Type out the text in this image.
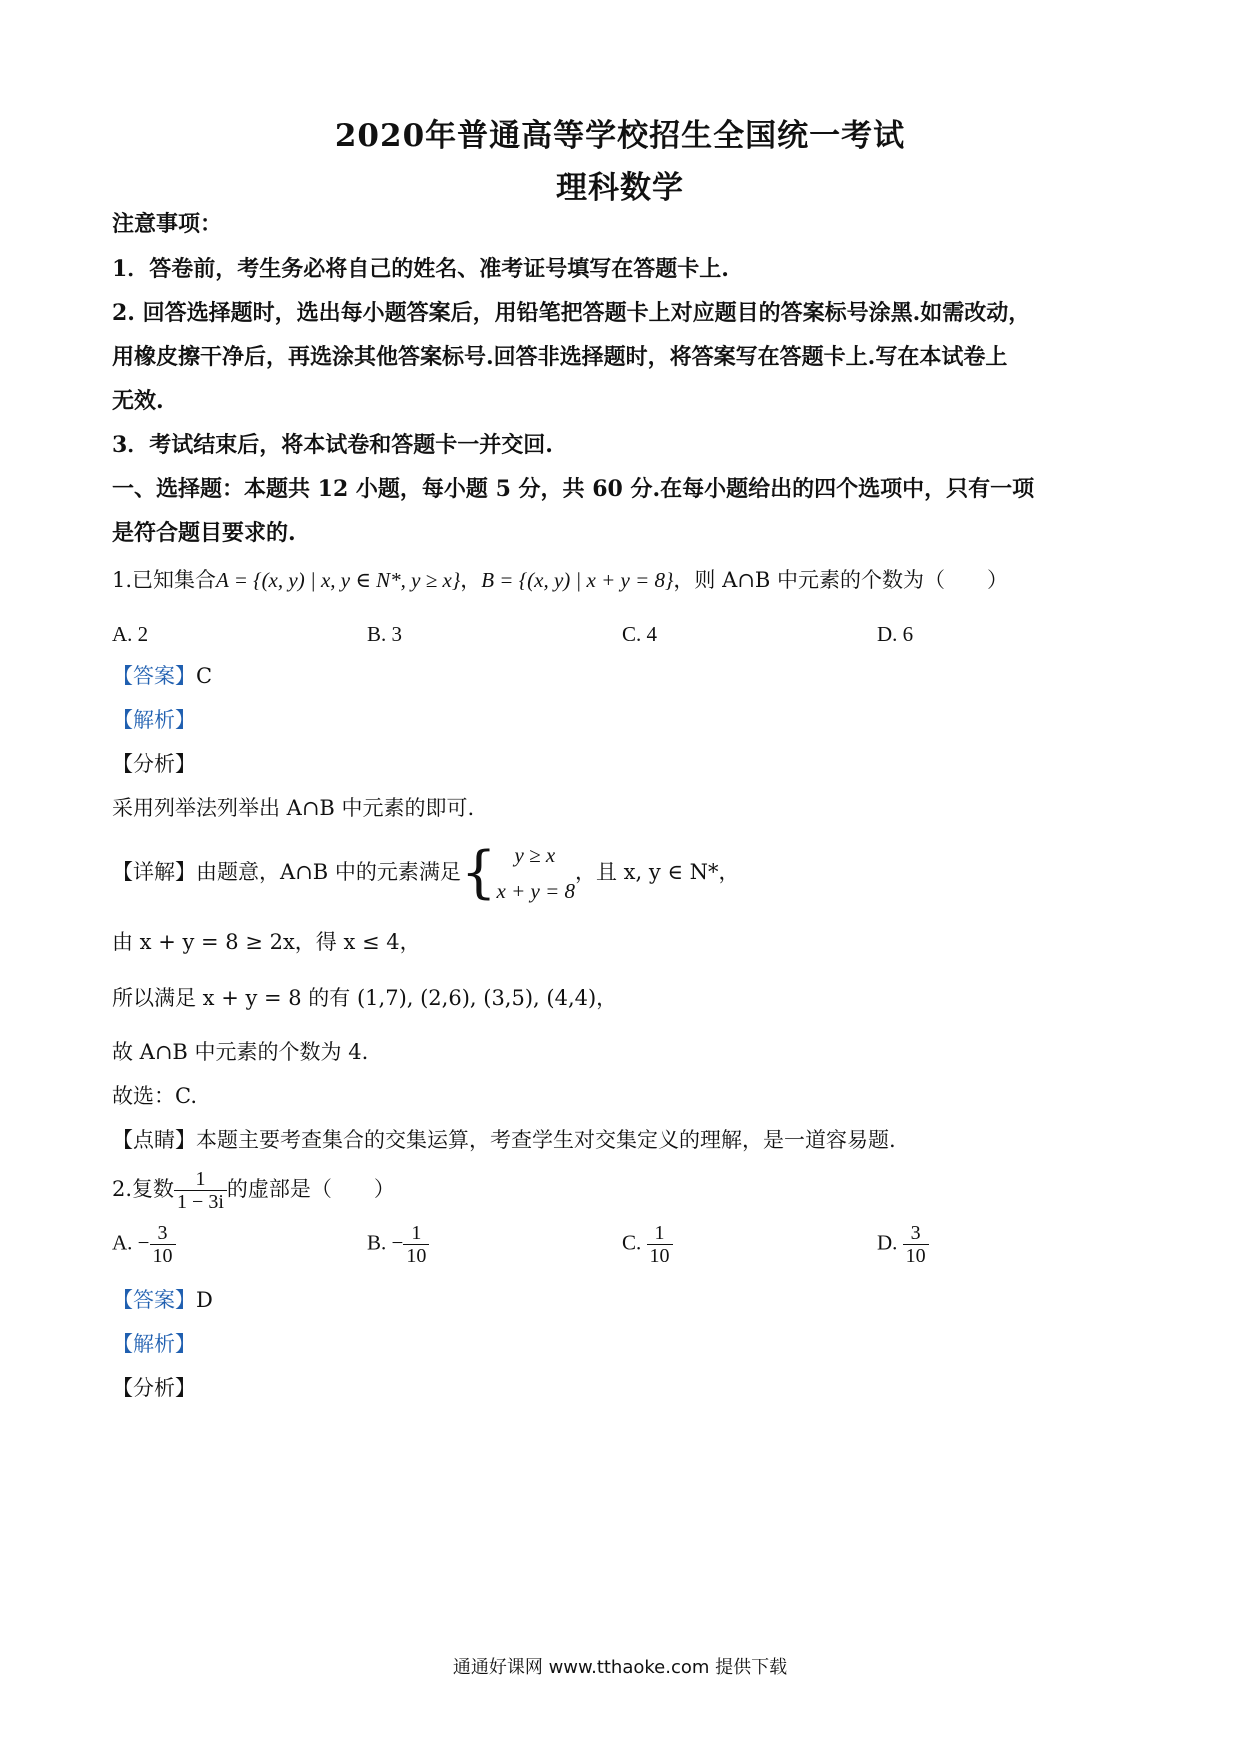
2020年普通高等学校招生全国统一考试
理科数学
注意事项：
1．答卷前，考生务必将自己的姓名、准考证号填写在答题卡上.
2. 回答选择题时，选出每小题答案后，用铅笔把答题卡上对应题目的答案标号涂黑.如需改动，
用橡皮擦干净后，再选涂其他答案标号.回答非选择题时，将答案写在答题卡上.写在本试卷上
无效.
3．考试结束后，将本试卷和答题卡一并交回.
一、选择题：本题共 12 小题，每小题 5 分，共 60 分.在每小题给出的四个选项中，只有一项
是符合题目要求的.
1.已知集合A = {(x, y) | x, y ∈ N*, y ≥ x}，B = {(x, y) | x + y = 8}，则 A∩B 中元素的个数为（　　）
A. 2	B. 3	C. 4	D. 6
【答案】C
【解析】
【分析】
采用列举法列举出 A∩B 中元素的即可.
【详解】由题意，A∩B 中的元素满足{ y ≥ x
x + y = 8
，且 x, y ∈ N*，
由 x + y = 8 ≥ 2x，得 x ≤ 4，
所以满足 x + y = 8 的有 (1,7), (2,6), (3,5), (4,4)，
故 A∩B 中元素的个数为 4.
故选：C.
【点睛】本题主要考查集合的交集运算，考查学生对交集定义的理解，是一道容易题.
2.复数 $\frac{1}{1 - 3i}$ 的虚部是（　　）
A. − $\frac{3}{10}$	B. − $\frac{1}{10}$	C. $\frac{1}{10}$	D. $\frac{3}{10}$
【答案】D
【解析】
【分析】
通通好课网 www.tthaoke.com 提供下载
